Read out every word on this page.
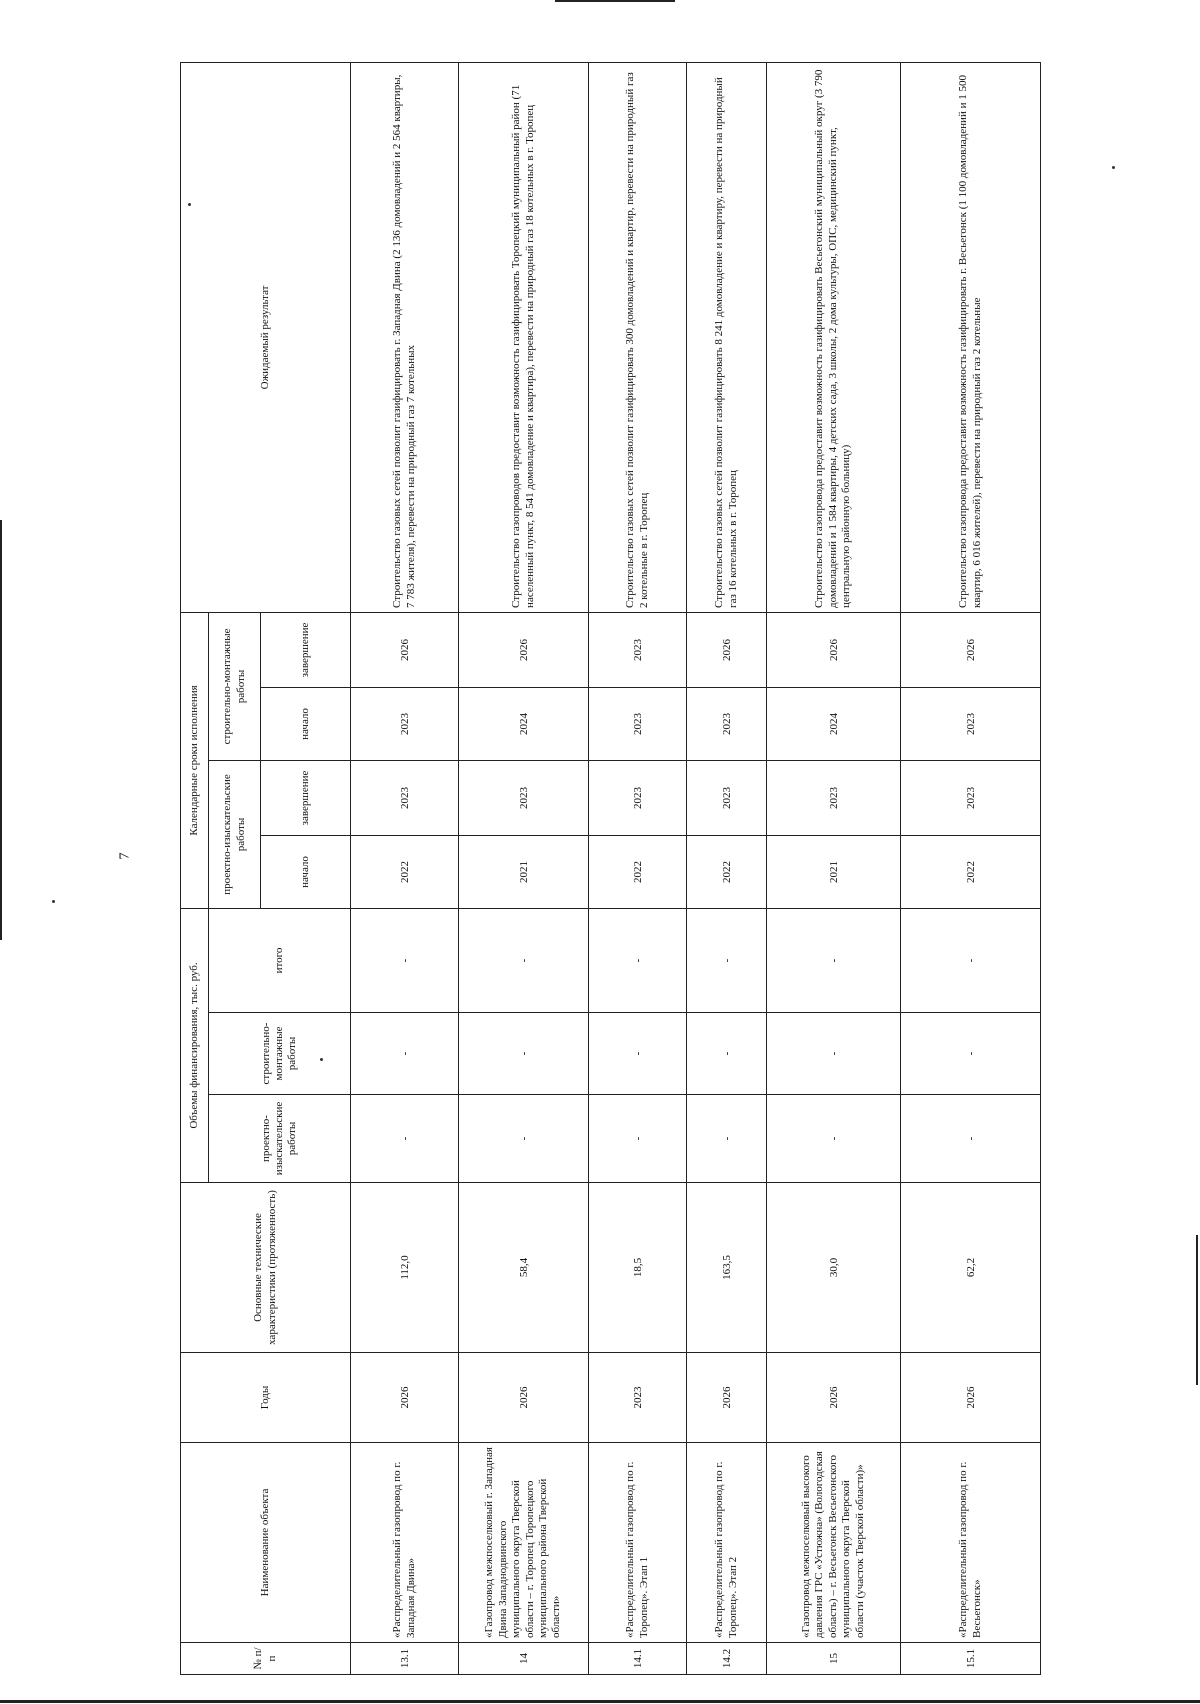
7
№ п/п	Наименование объекта	Годы	Основные технические характеристики (протяженность)	Объемы финансирования, тыс. руб.			Календарные сроки исполнения				Ожидаемый результат
				проектно-изыскательские работы	строительно-монтажные работы	итого	проектно-изыскательские работы		строительно-монтажные работы		
							начало	завершение	начало	завершение	
13.1	«Распределительный газопровод по г. Западная Двина»	2026	112,0	-	-	-	2022	2023	2023	2026	Строительство газовых сетей позволит газифицировать г. Западная Двина (2 136 домовладений и 2 564 квартиры, 7 783 жителя), перевести на природный газ 7 котельных
14	«Газопровод межпоселковый г. Западная Двина Западнодвинского муниципального округа Тверской области – г. Торопец Торопецкого муниципального района Тверской области»	2026	58,4	-	-	-	2021	2023	2024	2026	Строительство газопроводов предоставит возможность газифицировать Торопецкий муниципальный район (71 населенный пункт, 8 541 домовладение и квартира), перевести на природный газ 18 котельных в г. Торопец
14.1	«Распределительный газопровод по г. Торопец». Этап 1	2023	18,5	-	-	-	2022	2023	2023	2023	Строительство газовых сетей позволит газифицировать 300 домовладений и квартир, перевести на природный газ 2 котельные в г. Торопец
14.2	«Распределительный газопровод по г. Торопец». Этап 2	2026	163,5	-	-	-	2022	2023	2023	2026	Строительство газовых сетей позволит газифицировать 8 241 домовладение и квартиру, перевести на природный газ 16 котельных в г. Торопец
15	«Газопровод межпоселковый высокого давления ГРС «Устюжна» (Вологодская область) – г. Весьегонск Весьегонского муниципального округа Тверской области (участок Тверской области)»	2026	30,0	-	-	-	2021	2023	2024	2026	Строительство газопровода предоставит возможность газифицировать Весьегонский муниципальный округ (3 790 домовладений и 1 584 квартиры, 4 детских сада, 3 школы, 2 дома культуры, ОПС, медицинский пункт, центральную районную больницу)
15.1	«Распределительный газопровод по г. Весьегонск»	2026	62,2	-	-	-	2022	2023	2023	2026	Строительство газопровода предоставит возможность газифицировать г. Весьегонск (1 100 домовладений и 1 500 квартир, 6 016 жителей), перевести на природный газ 2 котельные
